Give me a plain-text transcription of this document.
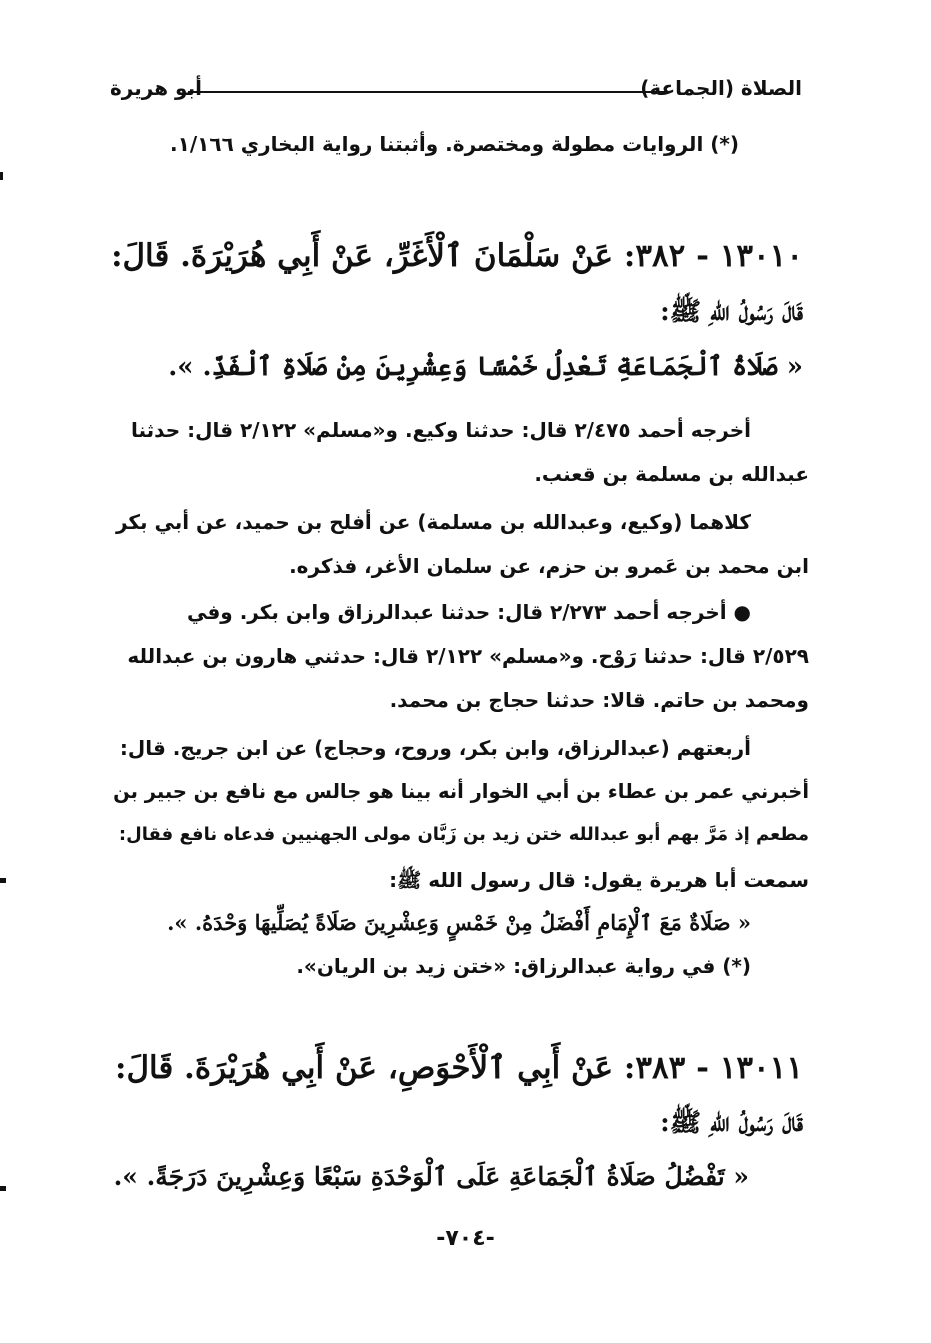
الصلاة (الجماعة)
أبو هريرة
(*) الروايات مطولة ومختصرة. وأثبتنا رواية البخاري ١/١٦٦.
١٣٠١٠ - ٣٨٢: عَنْ سَلْمَانَ ٱلْأَغَرِّ، عَنْ أَبِي هُرَيْرَةَ. قَالَ:
قَالَ رَسُولُ اللهِ ﷺ:
« صَلَاةُ ٱلْجَمَاعَةِ تَعْدِلُ خَمْسًا وَعِشْرِينَ مِنْ صَلَاةِ ٱلْفَذِّ. ».
أخرجه أحمد ٢/٤٧٥ قال: حدثنا وكيع. و«مسلم» ٢/١٢٢ قال: حدثنا
عبدالله بن مسلمة بن قعنب.
كلاهما (وكيع، وعبدالله بن مسلمة) عن أفلح بن حميد، عن أبي بكر
ابن محمد بن عَمرو بن حزم، عن سلمان الأغر، فذكره.
● أخرجه أحمد ٢/٢٧٣ قال: حدثنا عبدالرزاق وابن بكر. وفي
٢/٥٢٩ قال: حدثنا رَوْح. و«مسلم» ٢/١٢٢ قال: حدثني هارون بن عبدالله
ومحمد بن حاتم. قالا: حدثنا حجاج بن محمد.
أربعتهم (عبدالرزاق، وابن بكر، وروح، وحجاج) عن ابن جريج. قال:
أخبرني عمر بن عطاء بن أبي الخوار أنه بينا هو جالس مع نافع بن جبير بن
مطعم إذ مَرَّ بهم أبو عبدالله ختن زيد بن زَبَّان مولى الجهنيين فدعاه نافع فقال:
سمعت أبا هريرة يقول: قال رسول الله ﷺ:
« صَلَاةٌ مَعَ ٱلْإِمَامِ أَفْضَلُ مِنْ خَمْسٍ وَعِشْرِينَ صَلَاةً يُصَلِّيهَا وَحْدَهُ. ».
(*) في رواية عبدالرزاق: «ختن زيد بن الريان».
١٣٠١١ - ٣٨٣: عَنْ أَبِي ٱلْأَحْوَصِ، عَنْ أَبِي هُرَيْرَةَ. قَالَ:
قَالَ رَسُولُ اللهِ ﷺ:
« تَفْضُلُ صَلَاةُ ٱلْجَمَاعَةِ عَلَى ٱلْوَحْدَةِ سَبْعًا وَعِشْرِينَ دَرَجَةً. ».
-٧٠٤-
